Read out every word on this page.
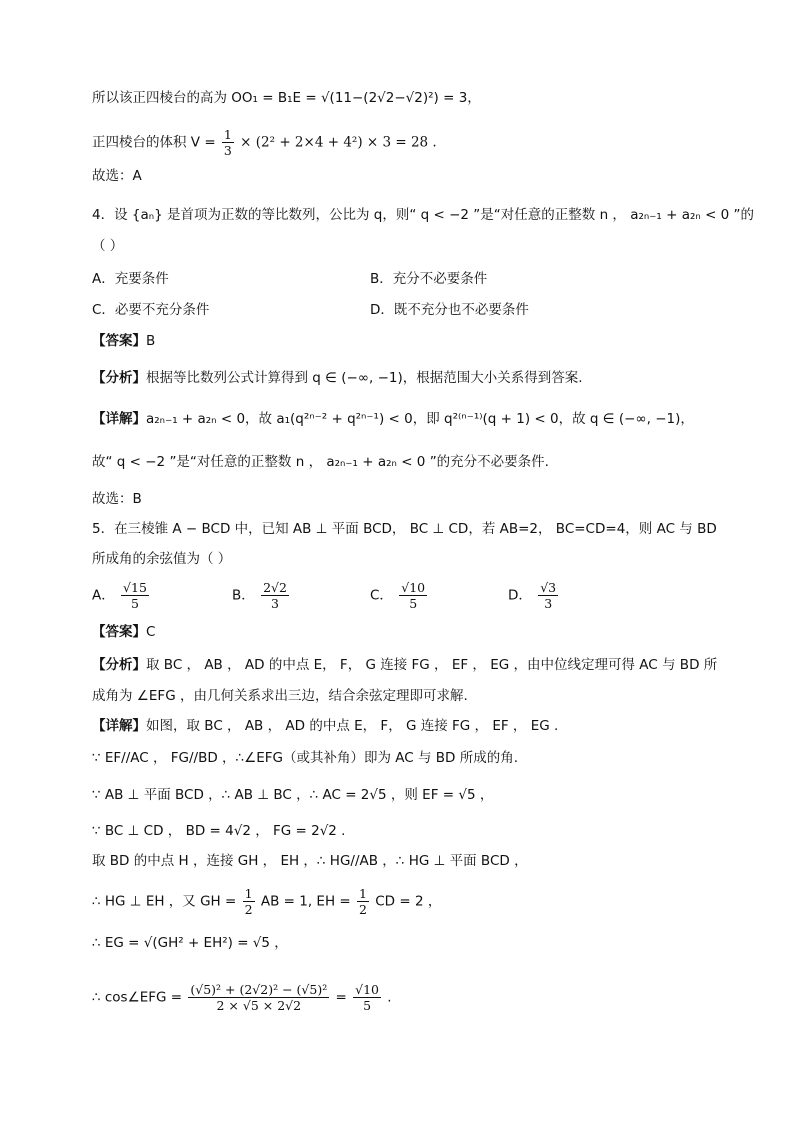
所以该正四棱台的高为 OO₁ = B₁E = √(11−(2√2−√2)²) = 3，
正四棱台的体积 $V = \frac{1}{3} \times (2^2 + 2\times 4 + 4^2) \times 3 = 28$ .
故选：A
4．设 {aₙ} 是首项为正数的等比数列，公比为 q，则“ q < −2 ”是“对任意的正整数 n ， a₂ₙ₋₁ + a₂ₙ < 0 ”的
（ ）
A．充要条件	B．充分不必要条件
C．必要不充分条件	D．既不充分也不必要条件
【答案】B
【分析】根据等比数列公式计算得到 q ∈ (−∞, −1)，根据范围大小关系得到答案.
【详解】a₂ₙ₋₁ + a₂ₙ < 0，故 a₁(q²ⁿ⁻² + q²ⁿ⁻¹) < 0，即 q²⁽ⁿ⁻¹⁾(q + 1) < 0，故 q ∈ (−∞, −1)，
故“ q < −2 ”是“对任意的正整数 n ， a₂ₙ₋₁ + a₂ₙ < 0 ”的充分不必要条件.
故选：B
5．在三棱锥 A − BCD 中，已知 AB ⊥ 平面 BCD， BC ⊥ CD，若 AB=2， BC=CD=4，则 AC 与 BD
所成角的余弦值为（ ）
A． $\frac{√15}{5}$	B． $\frac{2√2}{3}$	C． $\frac{√10}{5}$	D． $\frac{√3}{3}$
【答案】C
【分析】取 BC ， AB ， AD 的中点 E， F， G 连接 FG ， EF ， EG ，由中位线定理可得 AC 与 BD 所
成角为 ∠EFG ，由几何关系求出三边，结合余弦定理即可求解.
【详解】如图，取 BC ， AB ， AD 的中点 E， F， G 连接 FG ， EF ， EG .
∵ EF//AC ， FG//BD ，∴∠EFG（或其补角）即为 AC 与 BD 所成的角.
∵ AB ⊥ 平面 BCD ，∴ AB ⊥ BC ，∴ AC = 2√5 ，则 EF = √5 ，
∵ BC ⊥ CD ， BD = 4√2 ， FG = 2√2 .
取 BD 的中点 H ，连接 GH ， EH ，∴ HG//AB ，∴ HG ⊥ 平面 BCD ，
∴ HG ⊥ EH ，又 GH = $\frac{1}{2}$ AB = 1, EH = $\frac{1}{2}$ CD = 2 ，
∴ EG = √(GH² + EH²) = √5 ，
∴ cos∠EFG = $\frac{\text{(√5)² + (2√2)² − (√5)²}}{2 \times √5 \times 2√2} = \frac{√10}{5}$ .
